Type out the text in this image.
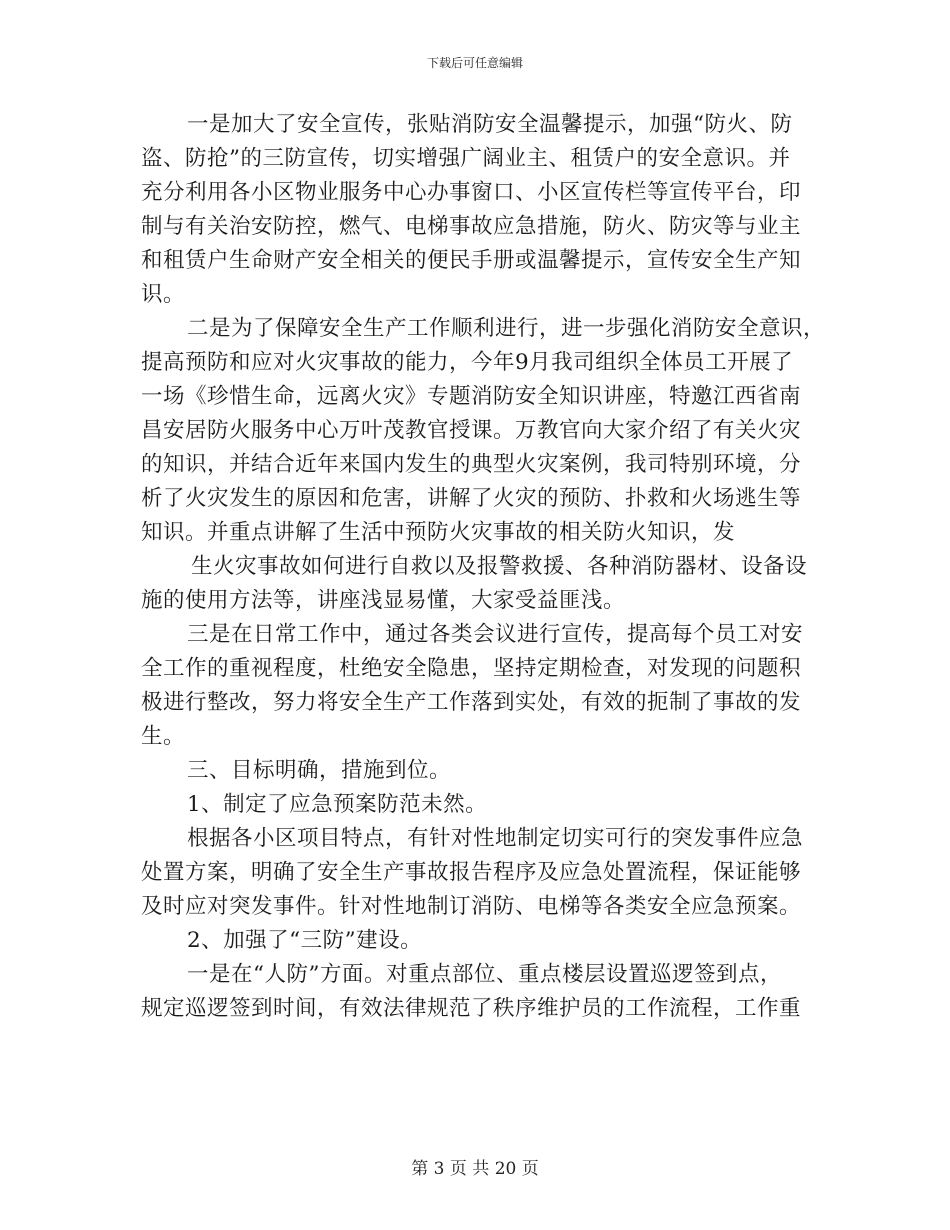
下载后可任意编辑
一是加大了安全宣传，张贴消防安全温馨提示，加强“防火、防
盗、防抢”的三防宣传，切实增强广阔业主、租赁户的安全意识。并
充分利用各小区物业服务中心办事窗口、小区宣传栏等宣传平台，印
制与有关治安防控，燃气、电梯事故应急措施，防火、防灾等与业主
和租赁户生命财产安全相关的便民手册或温馨提示，宣传安全生产知
识。
二是为了保障安全生产工作顺利进行，进一步强化消防安全意识，
提高预防和应对火灾事故的能力，今年9月我司组织全体员工开展了
一场《珍惜生命，远离火灾》专题消防安全知识讲座，特邀江西省南
昌安居防火服务中心万叶茂教官授课。万教官向大家介绍了有关火灾
的知识，并结合近年来国内发生的典型火灾案例，我司特别环境，分
析了火灾发生的原因和危害，讲解了火灾的预防、扑救和火场逃生等
知识。并重点讲解了生活中预防火灾事故的相关防火知识，发
生火灾事故如何进行自救以及报警救援、各种消防器材、设备设
施的使用方法等，讲座浅显易懂，大家受益匪浅。
三是在日常工作中，通过各类会议进行宣传，提高每个员工对安
全工作的重视程度，杜绝安全隐患，坚持定期检查，对发现的问题积
极进行整改，努力将安全生产工作落到实处，有效的扼制了事故的发
生。
三、目标明确，措施到位。
1、制定了应急预案防范未然。
根据各小区项目特点，有针对性地制定切实可行的突发事件应急
处置方案，明确了安全生产事故报告程序及应急处置流程，保证能够
及时应对突发事件。针对性地制订消防、电梯等各类安全应急预案。
2、加强了“三防”建设。
一是在“人防”方面。对重点部位、重点楼层设置巡逻签到点，
规定巡逻签到时间，有效法律规范了秩序维护员的工作流程，工作重
第 3 页 共 20 页
